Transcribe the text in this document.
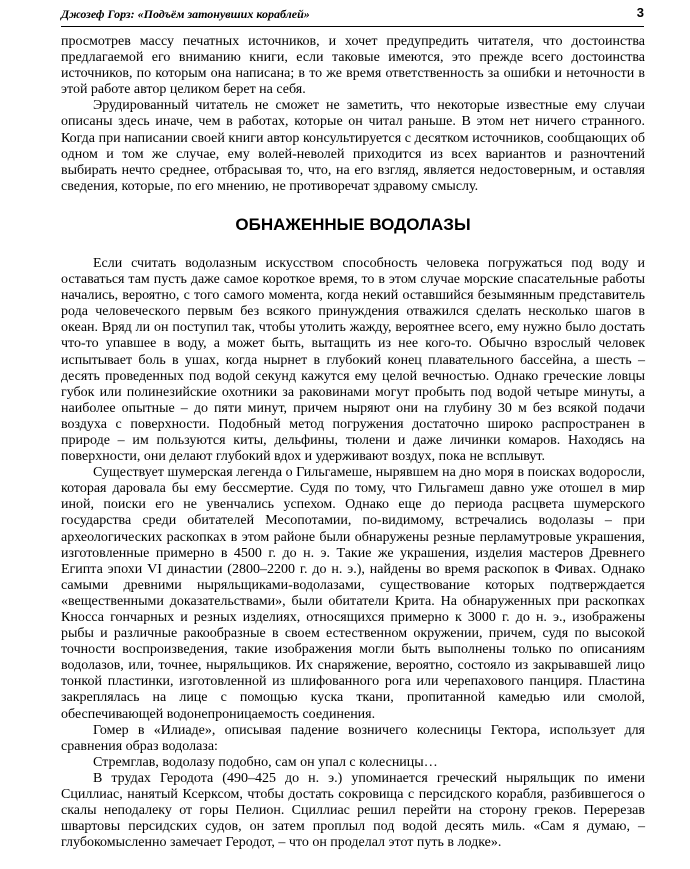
Джозеф Горз: «Подъём затонувших кораблей»	3

просмотрев массу печатных источников, и хочет предупредить читателя, что достоинства предлагаемой его вниманию книги, если таковые имеются, это прежде всего достоинства источников, по которым она написана; в то же время ответственность за ошибки и неточности в этой работе автор целиком берет на себя.

Эрудированный читатель не сможет не заметить, что некоторые известные ему случаи описаны здесь иначе, чем в работах, которые он читал раньше. В этом нет ничего странного. Когда при написании своей книги автор консультируется с десятком источников, сообщающих об одном и том же случае, ему волей-неволей приходится из всех вариантов и разночтений выбирать нечто среднее, отбрасывая то, что, на его взгляд, является недостоверным, и оставляя сведения, которые, по его мнению, не противоречат здравому смыслу.

ОБНАЖЕННЫЕ ВОДОЛАЗЫ

Если считать водолазным искусством способность человека погружаться под воду и оставаться там пусть даже самое короткое время, то в этом случае морские спасательные работы начались, вероятно, с того самого момента, когда некий оставшийся безымянным представитель рода человеческого первым без всякого принуждения отважился сделать несколько шагов в океан. Вряд ли он поступил так, чтобы утолить жажду, вероятнее всего, ему нужно было достать что-то упавшее в воду, а может быть, вытащить из нее кого-то. Обычно взрослый человек испытывает боль в ушах, когда нырнет в глубокий конец плавательного бассейна, а шесть – десять проведенных под водой секунд кажутся ему целой вечностью. Однако греческие ловцы губок или полинезийские охотники за раковинами могут пробыть под водой четыре минуты, а наиболее опытные – до пяти минут, причем ныряют они на глубину 30 м без всякой подачи воздуха с поверхности. Подобный метод погружения достаточно широко распространен в природе – им пользуются киты, дельфины, тюлени и даже личинки комаров. Находясь на поверхности, они делают глубокий вдох и удерживают воздух, пока не всплывут.

Существует шумерская легенда о Гильгамеше, нырявшем на дно моря в поисках водоросли, которая даровала бы ему бессмертие. Судя по тому, что Гильгамеш давно уже отошел в мир иной, поиски его не увенчались успехом. Однако еще до периода расцвета шумерского государства среди обитателей Месопотамии, по-видимому, встречались водолазы – при археологических раскопках в этом районе были обнаружены резные перламутровые украшения, изготовленные примерно в 4500 г. до н. э. Такие же украшения, изделия мастеров Древнего Египта эпохи VI династии (2800–2200 г. до н. э.), найдены во время раскопок в Фивах. Однако самыми древними ныряльщиками-водолазами, существование которых подтверждается «вещественными доказательствами», были обитатели Крита. На обнаруженных при раскопках Кносса гончарных и резных изделиях, относящихся примерно к 3000 г. до н. э., изображены рыбы и различные ракообразные в своем естественном окружении, причем, судя по высокой точности воспроизведения, такие изображения могли быть выполнены только по описаниям водолазов, или, точнее, ныряльщиков. Их снаряжение, вероятно, состояло из закрывавшей лицо тонкой пластинки, изготовленной из шлифованного рога или черепахового панциря. Пластина закреплялась на лице с помощью куска ткани, пропитанной камедью или смолой, обеспечивающей водонепроницаемость соединения.

Гомер в «Илиаде», описывая падение возничего колесницы Гектора, использует для сравнения образ водолаза:

Стремглав, водолазу подобно, сам он упал с колесницы…

В трудах Геродота (490–425 до н. э.) упоминается греческий ныряльщик по имени Сциллиас, нанятый Ксерксом, чтобы достать сокровища с персидского корабля, разбившегося о скалы неподалеку от горы Пелион. Сциллиас решил перейти на сторону греков. Перерезав швартовы персидских судов, он затем проплыл под водой десять миль. «Сам я думаю, – глубокомысленно замечает Геродот, – что он проделал этот путь в лодке».
